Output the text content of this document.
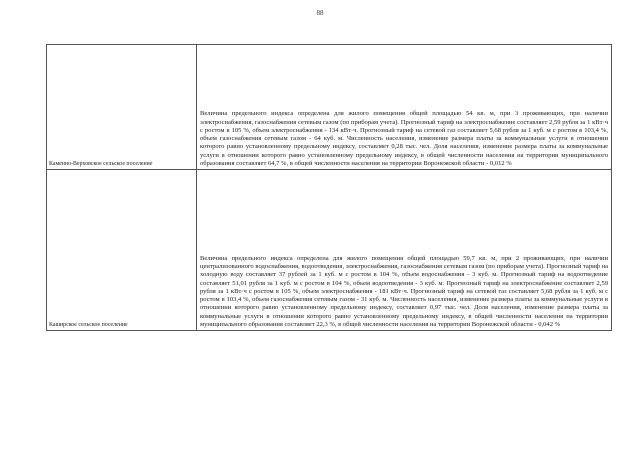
88
Каменно-Верховское сельское поселение	Величина предельного индекса определена для жилого помещения общей площадью 54 кв. м, при 3 проживающих, при наличии электроснабжения, газоснабжения сетевым газом (по приборам учета). Прогнозный тариф на электроснабжение составляет 2,59 рубля за 1 кВт·ч с ростом в 105 %, объем электроснабжения - 134 кВт·ч. Прогнозный тариф на сетевой газ составляет 5,68 рубля за 1 куб. м с ростом в 103,4 %, объем газоснабжения сетевым газом - 64 куб. м. Численность населения, изменение размера платы за коммунальные услуги в отношении которого равно установленному предельному индексу, составляет 0,28 тыс. чел. Доля населения, изменение размера платы за коммунальные услуги в отношении которого равно установленному предельному индексу, в общей численности населения на территории муниципального образования составляет 64,7 %, в общей численности населения на территории Воронежской области - 0,012 %

Каширское сельское поселение	Величина предельного индекса определена для жилого помещения общей площадью 59,7 кв. м, при 2 проживающих, при наличии централизованного водоснабжения, водоотведения, электроснабжения, газоснабжения сетевым газом (по приборам учета). Прогнозный тариф на холодную воду составляет 37 рублей за 1 куб. м с ростом в 104 %, объем водоснабжения - 3 куб. м. Прогнозный тариф на водоотведение составляет 51,01 рубля за 1 куб. м с ростом в 104 %, объем водоотведения - 3 куб. м. Прогнозный тариф на электроснабжение составляет 2,59 рубля за 1 кВт·ч с ростом в 105 %, объем электроснабжения - 181 кВт·ч. Прогнозный тариф на сетевой газ составляет 5,68 рубля за 1 куб. м с ростом в 103,4 %, объем газоснабжения сетевым газом - 31 куб. м. Численность населения, изменение размера платы за коммунальные услуги в отношении которого равно установленному предельному индексу, составляет 0,97 тыс. чел. Доля населения, изменение размера платы за коммунальные услуги в отношении которого равно установленному предельному индексу, в общей численности населения на территории муниципального образования составляет 22,3 %, в общей численности населения на территории Воронежской области - 0,042 %
